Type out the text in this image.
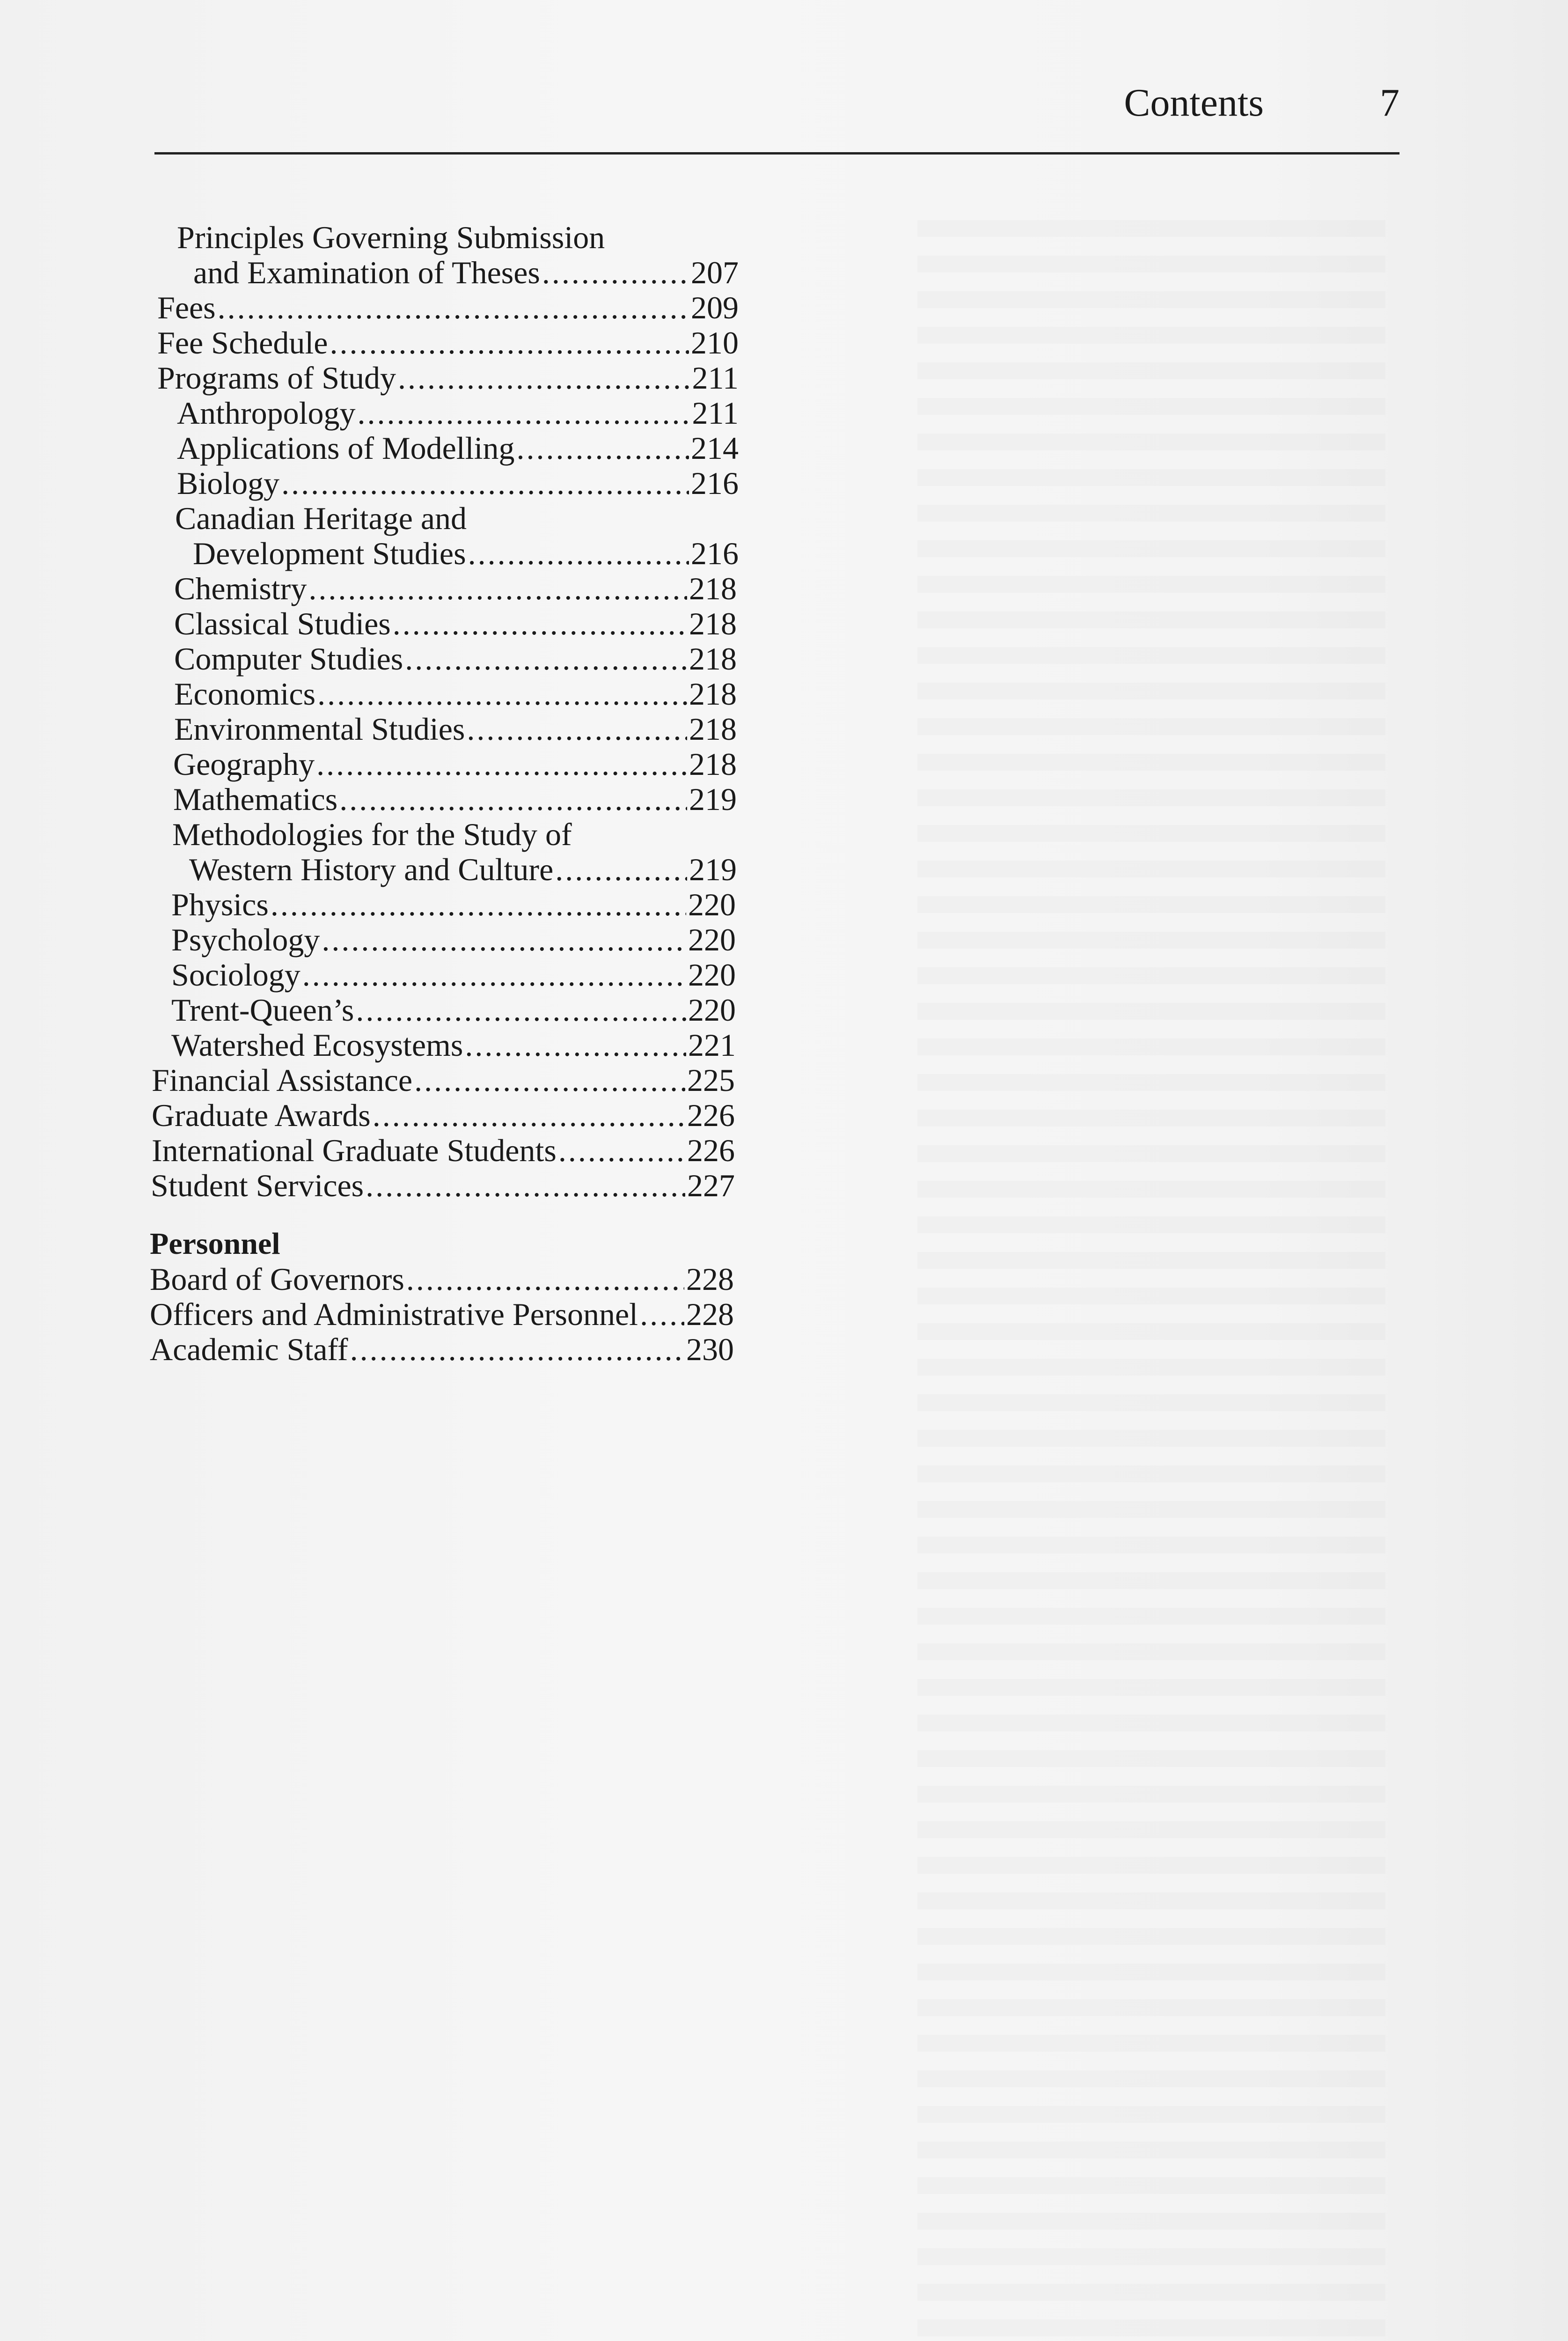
Contents	7
Principles Governing Submission
and Examination of Theses .....	207
Fees .....	209
Fee Schedule .....	210
Programs of Study .....	211
Anthropology .....	211
Applications of Modelling .....	214
Biology .....	216
Canadian Heritage and
Development Studies .....	216
Chemistry .....	218
Classical Studies .....	218
Computer Studies .....	218
Economics .....	218
Environmental Studies .....	218
Geography .....	218
Mathematics .....	219
Methodologies for the Study of
Western History and Culture .....	219
Physics .....	220
Psychology .....	220
Sociology .....	220
Trent-Queen’s .....	220
Watershed Ecosystems .....	221
Financial Assistance .....	225
Graduate Awards .....	226
International Graduate Students .....	226
Student Services .....	227
Personnel
Board of Governors .....	228
Officers and Administrative Personnel ..... 228
Academic Staff .....	230
